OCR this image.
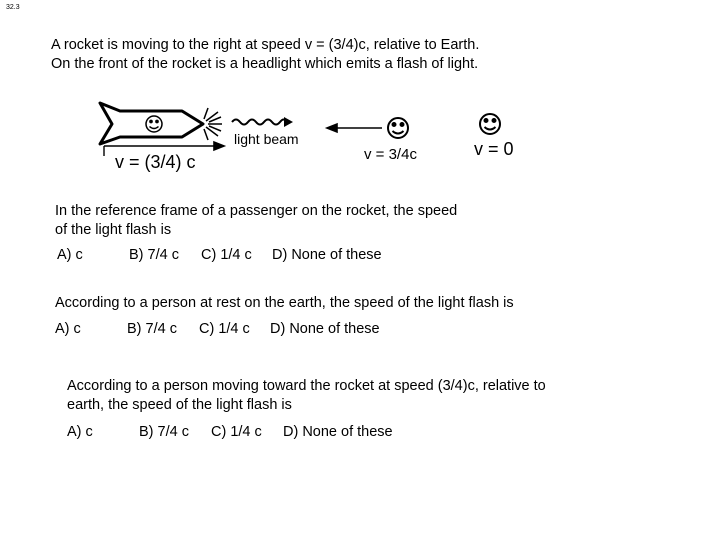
32.3
A rocket is moving to the right at speed v = (3/4)c, relative to Earth.
On the front of the rocket is a headlight which emits a flash of light.
light beam
v = (3/4) c	v = 3/4c	v = 0
In the reference frame of a passenger on the rocket, the speed
of the light flash is
A) c	B) 7/4 c C) 1/4 c D) None of these
According to a person at rest on the earth, the speed of the light flash is
A) c	B) 7/4 c C) 1/4 c D) None of these
According to a person moving toward the rocket at speed (3/4)c, relative to
earth, the speed of the light flash is
A) c	B) 7/4 c C) 1/4 c D) None of these
